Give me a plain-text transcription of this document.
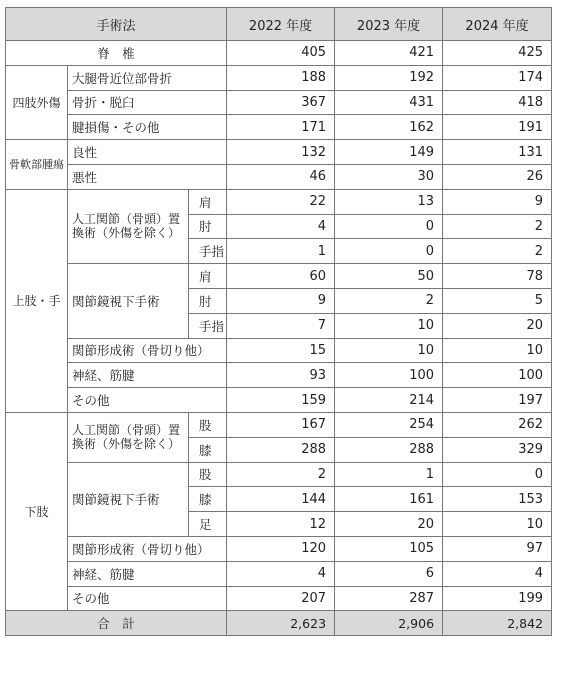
手術法			2022 年度	2023 年度	2024 年度
脊　椎			405	421	425
四肢外傷	大腿骨近位部骨折		188	192	174
	骨折・脱臼		367	431	418
	腱損傷・その他		171	162	191
骨軟部腫瘍	良性		132	149	131
	悪性		46	30	26
上肢・手	人工関節（骨頭）置換術（外傷を除く）	肩	22	13	9
		肘	4	0	2
		手指	1	0	2
	関節鏡視下手術	肩	60	50	78
		肘	9	2	5
		手指	7	10	20
	関節形成術（骨切り他）		15	10	10
	神経、筋腱		93	100	100
	その他		159	214	197
下肢	人工関節（骨頭）置換術（外傷を除く）	股	167	254	262
		膝	288	288	329
	関節鏡視下手術	股	2	1	0
		膝	144	161	153
		足	12	20	10
	関節形成術（骨切り他）		120	105	97
	神経、筋腱		4	6	4
	その他		207	287	199
合　計			2,623	2,906	2,842
